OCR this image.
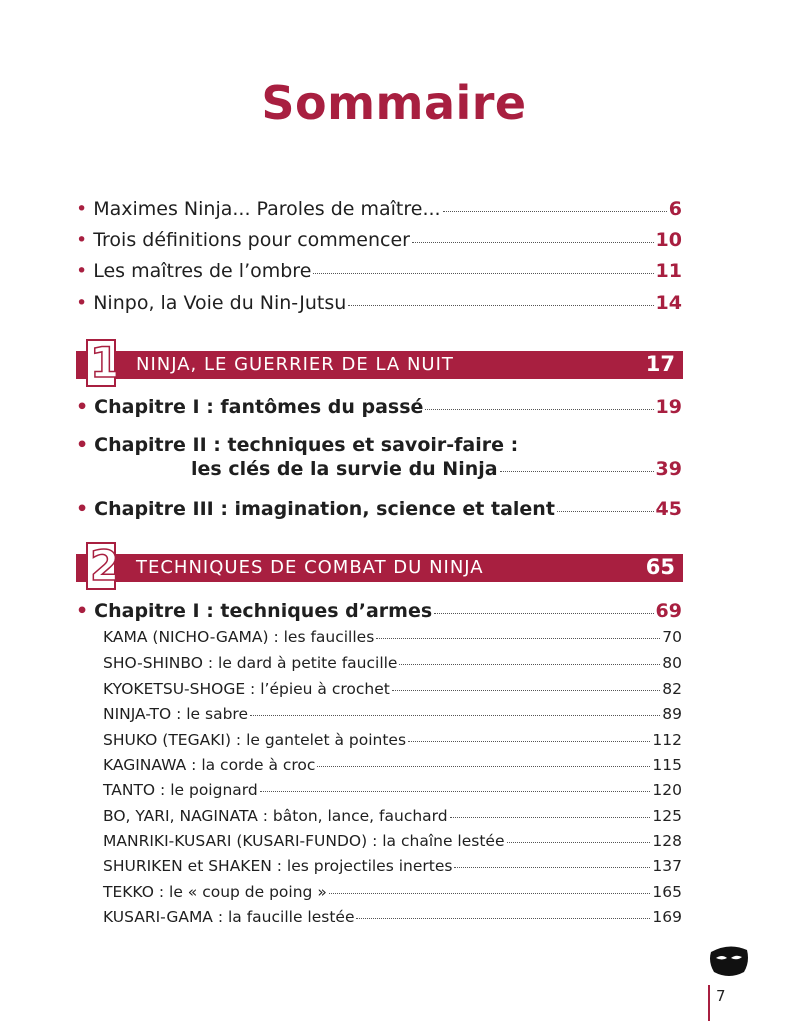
Sommaire
• Maximes Ninja... Paroles de maître...	6
• Trois définitions pour commencer	10
• Les maîtres de l’ombre	11
• Ninpo, la Voie du Nin-Jutsu	14
1 NINJA, LE GUERRIER DE LA NUIT	17
• Chapitre I : fantômes du passé	19
• Chapitre II : techniques et savoir-faire :
les clés de la survie du Ninja	39
• Chapitre III : imagination, science et talent	45
2 TECHNIQUES DE COMBAT DU NINJA	65
• Chapitre I : techniques d’armes	69
KAMA (NICHO-GAMA) : les faucilles	70
SHO-SHINBO : le dard à petite faucille	80
KYOKETSU-SHOGE : l’épieu à crochet	82
NINJA-TO : le sabre	89
SHUKO (TEGAKI) : le gantelet à pointes	112
KAGINAWA : la corde à croc	115
TANTO : le poignard	120
BO, YARI, NAGINATA : bâton, lance, fauchard	125
MANRIKI-KUSARI (KUSARI-FUNDO) : la chaîne lestée	128
SHURIKEN et SHAKEN : les projectiles inertes	137
TEKKO : le « coup de poing »	165
KUSARI-GAMA : la faucille lestée	169
7
